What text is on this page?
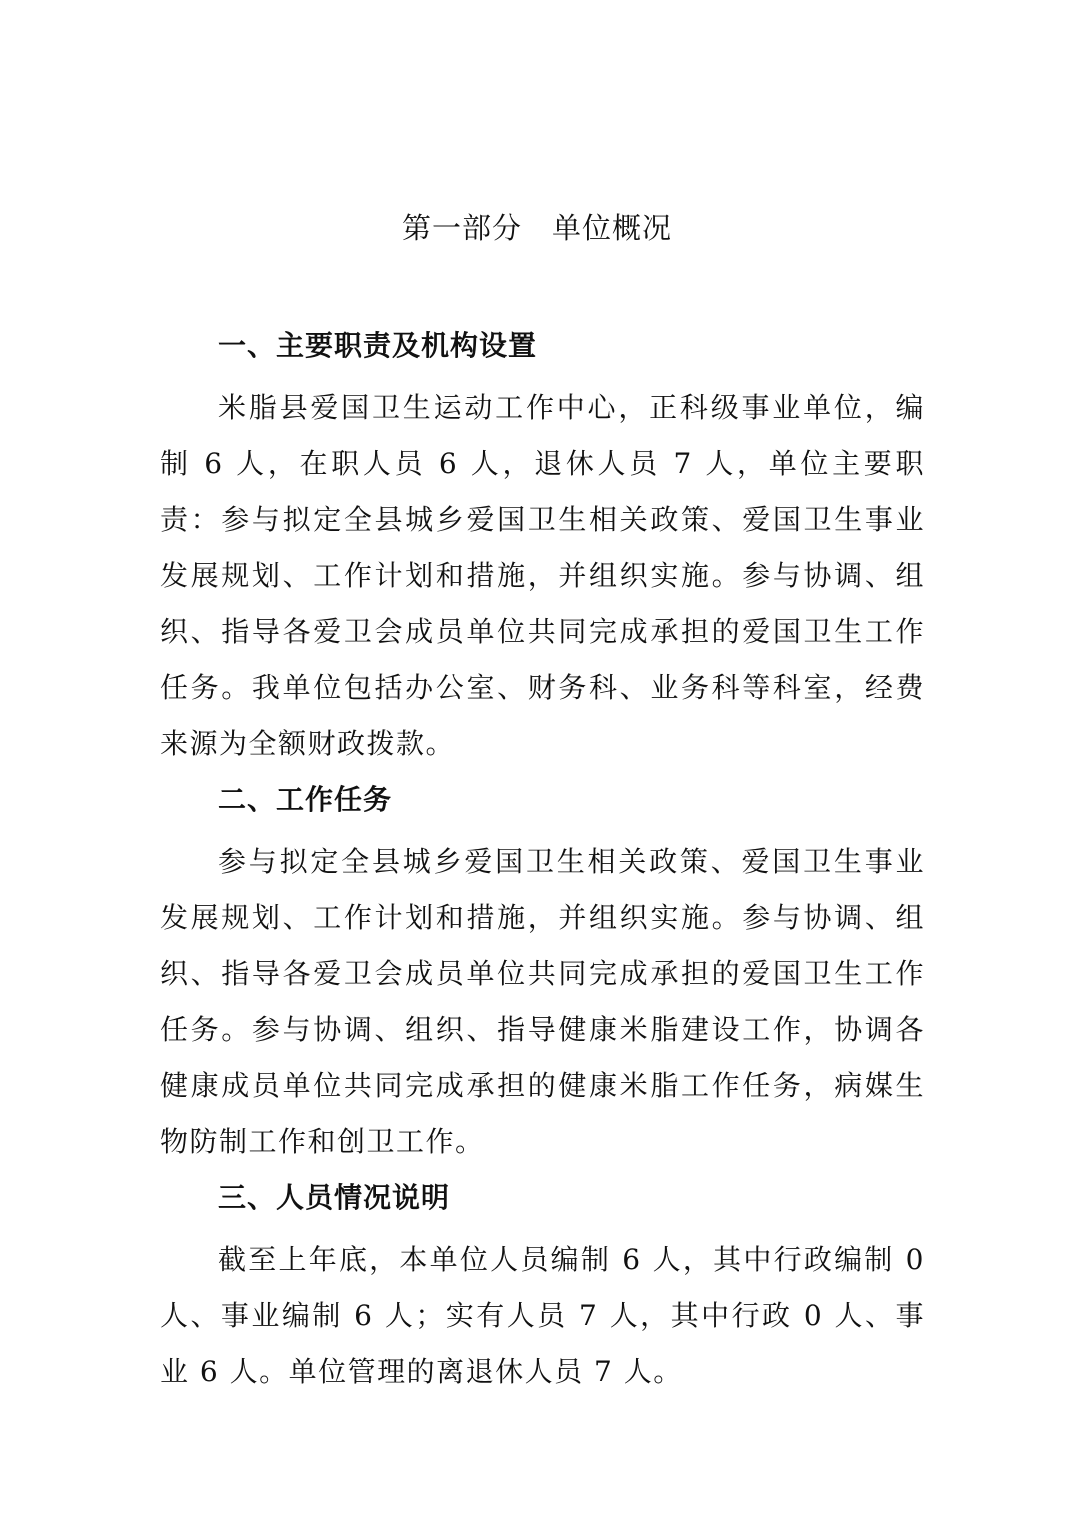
第一部分 单位概况
一、主要职责及机构设置

米脂县爱国卫生运动工作中心，正科级事业单位，编制 6 人，在职人员 6 人，退休人员 7 人，单位主要职责：参与拟定全县城乡爱国卫生相关政策、爱国卫生事业发展规划、工作计划和措施，并组织实施。参与协调、组织、指导各爱卫会成员单位共同完成承担的爱国卫生工作任务。我单位包括办公室、财务科、业务科等科室，经费来源为全额财政拨款。

二、工作任务

参与拟定全县城乡爱国卫生相关政策、爱国卫生事业发展规划、工作计划和措施，并组织实施。参与协调、组织、指导各爱卫会成员单位共同完成承担的爱国卫生工作任务。参与协调、组织、指导健康米脂建设工作，协调各健康成员单位共同完成承担的健康米脂工作任务，病媒生物防制工作和创卫工作。

三、人员情况说明

截至上年底，本单位人员编制 6 人，其中行政编制 0 人、事业编制 6 人；实有人员 7 人，其中行政 0 人、事业 6 人。单位管理的离退休人员 7 人。
